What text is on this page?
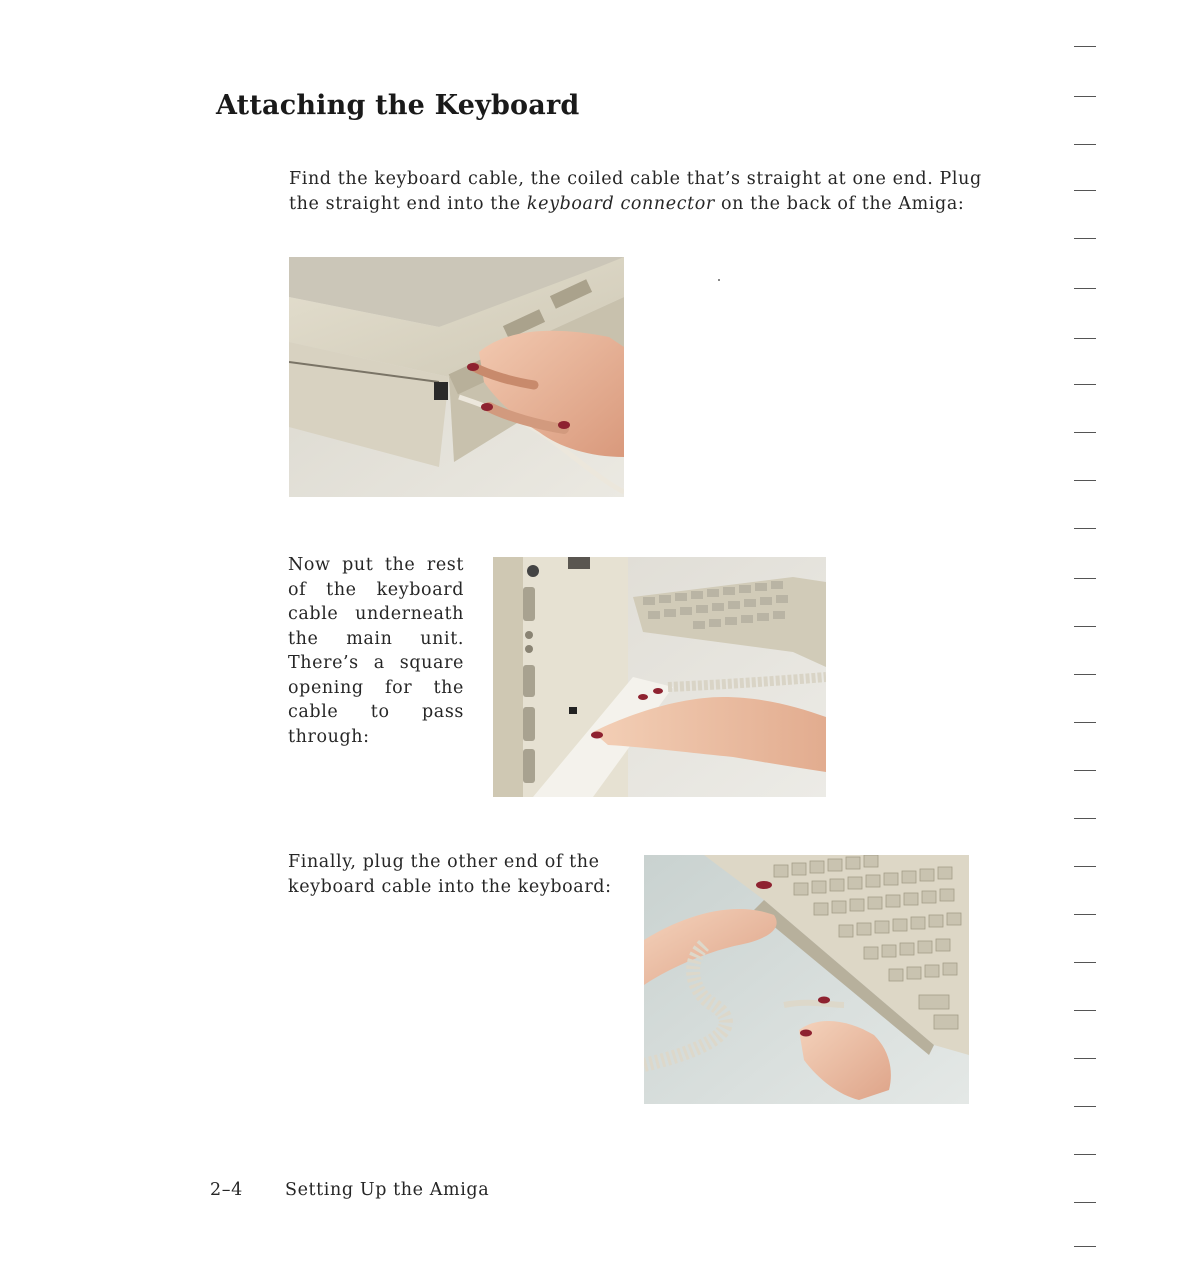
Attaching the Keyboard

Find the keyboard cable, the coiled cable that’s straight at one end. Plug the straight end into the keyboard connector on the back of the Amiga:

Now put the rest of the keyboard cable underneath the main unit. There’s a square opening for the cable to pass through:

Finally, plug the other end of the keyboard cable into the keyboard:

2–4 Setting Up the Amiga
